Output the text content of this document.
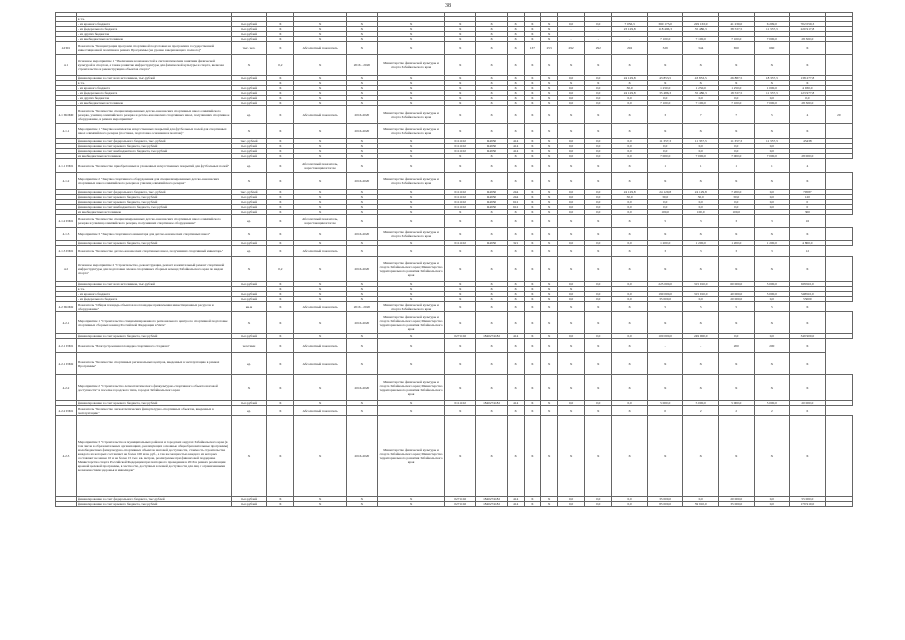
38

	в т.ч.																			
	- из краевого бюджета	тыс.рублей	X	X	X	X	X	X	X	X	X	0,0	0,0	7 056,3	360 173,0	229 163,9	41 230,0	6 209,0	702 059,3	
	- из федерального бюджета	тыс.рублей	X	X	X	X	X	X	X	X	X	-	-	23 129,8	118 496,3	35 486,3	38 537,5	11 337,3	220 917,8	
	- из других бюджетов	тыс.рублей	X	X	X	X	X	X	X	X	X									
	- из внебюджетных источников	тыс.рублей	X	X	X	X	X	X	X	X	X	-	-	-	7 100,0	7 100,0	7 100,0	7 000,0	28 300,0	
4.П01	Показатель "Концентрация программ спортивной подготовки на программах государственной инвестиционной политики в рамках Программы (на уровне завершающего полного)"	тыс. чел.	X	Абсолютный показатель	X	X	X	X	X	137	253	292	292	292	329	344	650	660	X	
4.1	Основное мероприятие 1 "Увеличение возможностей к систематическим занятиям физической культурой и спортом, а также развитие инфраструктуры для физической культуры и спорта, включая строительство и реконструкцию объектов спорта"	X	0,2	X	2016 - 2020	Министерство физической культуры и спорта Забайкальского края	X	X	X	X	X	X	X	X	X	X	X	X	X	
	финансирование за счет всех источников, тыс.рублей	тыс.рублей	X	X	X	X	X	X	X	X	X	0,0	0,0	24 129,8	43 853,5	43 853,5	26 887,5	18 337,3	138 277,8	
	в т.ч.		X	X	X	X	X	X	X	X	X	X	X	X	X	X	X	X	X	
	- из краевого бюджета	тыс.рублей	X	X	X	X	X	X	X	X	X	0,0	0,0	30,0	1 250,0	1 250,0	1 250,0	1 000,0	4 930,0	
	- из федерального бюджета	тыс.рублей	X	X	X	X	X	X	X	X	X	0,0	0,0	24 129,8	35 486,3	35 486,3	18 537,5	11 337,3	123 977,8	
	- из других бюджетов	тыс.рублей	X	X	X	X	X	X	X	X	X	0,0	0,0	0,0	0,0	0,0	0,0	0,0	0,0	
	- из внебюджетных источников	тыс.рублей	X	X	X	X	X	X	X	X	X	0,0	0,0	0,0	7 100,0	7 100,0	7 100,0	7 000,0	28 300,0	
4.1 ПОМ0	Показатель "Количество специализированных детско-юношеских спортивных школ олимпийского резерва, училищ олимпийского резерва и детско-юношеских спортивных школ, получивших спортивное оборудование, в рамках мероприятия"	ед.	X	Абсолютный показатель	2016-2020	Министерство физической культуры и спорта Забайкальского края	X	X	X	X	X	X	X	X	3	7	7	5	4	20
4.1.1	Мероприятие 1 "Закупка комплектов искусственных покрытий для футбольных полей для спортивных школ олимпийского резерва (поставка, подготовка основания и монтаж)"	X	X	X	2016-2020	Министерство физической культуры и спорта Забайкальского края	X	X	X	X	X	X	X	X	X	X	X	X	X	
	финансирование за счет федерального бюджета, тыс. рублей	тыс. рублей	X	X	X	X	0111102	R4950	414	X	X	0,0	0,0	0,0	11 357,3	11 357,3	11 357,3	11 357,3	45438	
	финансирование за счет краевого бюджета, тыс.рублей	тыс.рублей	X	X	X	X	0111102	R4950	414	X	X	0,0	0,0	0,0	0,0	0,0	0,0	0,0		
	финансирование за счет внебюджетного бюджета, тыс.рублей	тыс.рублей	X	X	X	X	0111102	R4950	414	X	X	0,0	0,0	0,0	0,0	0,0	0,0	0,0		
	из внебюджетных источников	тыс.рублей	X	X	X	X	X	X	X	X	X	0,0	0,0	0,0	7 000,0	7 000,0	7 000,0	7 000,0	28 000,0	
4.1.1 ПМ1	Показатель "Количество приобретенных и уложенных искусственных покрытий для футбольных полей"	ед.	X	Абсолютный показатель, нарастающим итогом	X	X	X	X	X	X	X	X	X	X	1	1	1	1	4	
4.1.2	Мероприятие 2 "Закупка спортивного оборудования для специализированных детско-юношеских спортивных школ олимпийского резерва и училищ олимпийского резерва"	X	X	X	2016-2020	Министерство физической культуры и спорта Забайкальского края	X	X	X	X	X	X	X	X	X	X	X	X	X	
	финансирование за счет федерального бюджета, тыс. рублей	тыс. рублей	X	X	X	X	0111102	R4950	244	X	X	0,0	0,0	24 129,8	24 129,8	24 129,8	7 200,0	0,0	79587	
	финансирование за счет краевого бюджета, тыс.рублей	тыс.рублей	X	X	X	X	0111102	R4950	244	X	X	0,0	0,0	30,0	30,0	30,0	30,0	0,0	120	
	финансирование за счет краевого бюджета, тыс.рублей	тыс.рублей	X	X	X	X	0111102	R4950	612	X	X	0,0	0,0	0,0	0,0	0,0	0,0	0,0	0	
	финансирование за счет внебюджетного бюджета, тыс.рублей	тыс.рублей	X	X	X	X	0111102	R4950	612	X	X	0,0	0,0	0,0	0,0	0,0	0,0	0,0	0	
	из внебюджетных источников	тыс.рублей	X	X	X	X	X	X	X	X	X	0,0	0,0	0,0	100,0	100,0	100,0		300	
4.1.2 ПМ1	Показатель "Количество специализированных детско-юношеских спортивных школ олимпийского резерва и училищ олимпийского резерва, получивших спортивное оборудование"	ед.	X	Абсолютный показатель, нарастающим итогом	X	X	X	X	X	X	X	X	X	X	5	3	3	3	16	
4.1.3	Мероприятие 3 "Закупка спортивного инвентаря для детско-юношеских спортивных школ"	X	X	X	2016-2020	Министерство физической культуры и спорта Забайкальского края	X	X	X	X	X	X	X	X	X	X	X	X	X	
	финансирование за счет краевого бюджета, тыс.рублей	тыс.рублей	X	X	X	X	0111102	R4950	321	X	X	0,0	0,0	0,0	1 200,0	1 200,0	1 200,0	1 200,0	4 800,0	
4.1.3 ПМ1	Показатель "Количество детско-юношеских спортивных школ, получивших спортивный инвентарь"	ед.	X	Абсолютный показатель	X	X	X	X	X	X	X	X	X	X	3	3	3	3	12	
4.2	Основное мероприятие 2 "Строительство, реконструкция, ремонт и капитальный ремонт спортивной инфраструктуры для подготовки членов спортивных сборных команд Забайкальского края по видам спорта"	X	0,2	X	2016-2020	Министерство физической культуры и спорта Забайкальского края; Министерство территориального развития Забайкальского края	X	X	X	X	X	X	X	X	X	X	X	X	X	
	финансирование за счет всех источников, тыс.рублей	тыс.рублей	X	X	X	X	X	X	X	X	X	0,0	0,0	0,0	225 000,0	315 910,0	60 000,0	5 000,0	605910,0	
	в т.ч.		X	X	X	X	X	X	X	X	X	X								
	- из краевого бюджета	тыс.рублей	X	X	X	X	X	X	X	X	X	0,0	0,0	0,0	190 000,0	315 910,0	40 000,0	5 000,0	548910,0	
	- из федерального бюджета	тыс.рублей	X	X	X	X	X	X	X	X	X	0,0	0,0	0,0	35 000,0	0,0	20 000,0	0,0	55000	
4.2 ПОМ2	Показатель "Общая площадь объектов на площадке привлечения инвестиционных ресурсов и оборудование"	кв.м	X	Абсолютный показатель	2016 - 2020	Министерство физической культуры и спорта Забайкальского края	X	X	X	X	X	X	X	X	5	5	5	5	X	
4.2.1	Мероприятие 1 "Строительство специализированного регионального центра по спортивной подготовке спортивных сборных команд Российской Федерации в Чите"	X	X	X	2016-2020	Министерство физической культуры и спорта Забайкальского края; Министерство территориального развития Забайкальского края	X	X	X	X	X	X	X	X	X	X	X	X	X	
	финансирование за счет краевого бюджета, тыс.рублей	тыс.рублей	X	X	X	X	0271102	1840274182	414	X	X	0,0	0,0	0,0	100 000,0	249 900,0	0,0	0,0	349 900,0	
4.2.1 ПМ1	Показатель "Благоустроенная площадка спортивного стадиона"	чел/смен	X	Абсолютный показатель	X	X	X	X	X	X	X	X	X	X	-	-	200	200	X	
4.2.1 ПМ2	Показатель "Количество спортивных региональных центров, введенных в эксплуатацию в рамках Программы"	ед.	X	Абсолютный показатель	X	X	X	X	X	X	X	X	X	X	X	X	X	X	X	
4.2.2	Мероприятие 2 "Строительство легкоатлетического физкультурно-спортивного объекта шаговой доступности" в поселке городского типа, городах Забайкальского края	X	X	X	2016-2020	Министерство физической культуры и спорта Забайкальского края; Министерство территориального развития Забайкальского края	X	X	X	X	X	X	X	X	X	X	X	X	X	
	финансирование за счет краевого бюджета, тыс.рублей	тыс.рублей	X	X	X	X	0111102	1840274182	414	X	X	0,0	0,0	0,0	5 000,0	5 000,0	5 000,0	5 000,0	20 000,0	
4.2.2 ПМ1	Показатель "Количество легкоатлетических физкультурно-спортивных объектов, введенных в эксплуатацию"	ед.	X	Абсолютный показатель	X	X	X	X	X	X	X	X	X	X	0	2	2	2	6	
4.2.3	Мероприятие 3 "Строительство и муниципальных районах и городских округах Забайкальского края (в том числе в образовательных организациях, реализующих основные общеобразовательные программы) малобюджетных физкультурно-спортивных объектов шаговой доступности, стоимость строительства каждого из которых составляет не более 100 млн. руб., а так же мощностью каждого из которых составляет не менее 10 и не более 15 тыс. кв. метров, реализуемые при финансовой поддержке Министерства спорта Российской Федерации при повторного проведения в 2016 в рамках реализации краевой целевой программы, в частности, доступных в пешей доступности для лиц с ограниченными возможностями здоровья и инвалидов"	X	X	X	2016-2020	Министерство физической культуры и спорта Забайкальского края; Министерство территориального развития Забайкальского края	X	X	X	X	X	X	X	X	X	X	X	X	X	
	финансирование за счет федерального бюджета, тыс.рублей	тыс.рублей	X	X	X	X	0271102	1840274182	414	X	X	0,0	0,0	0,0	35 000,0	0,0	20 000,0	0,0	55 000,0	
	финансирование за счет краевого бюджета, тыс.рублей	тыс.рублей	X	X	X	X	0271102	1840274182	414	X	X	0,0	0,0	0,0	85 000,0	59 910,0	35 000,0	0,0	179 910,0	
